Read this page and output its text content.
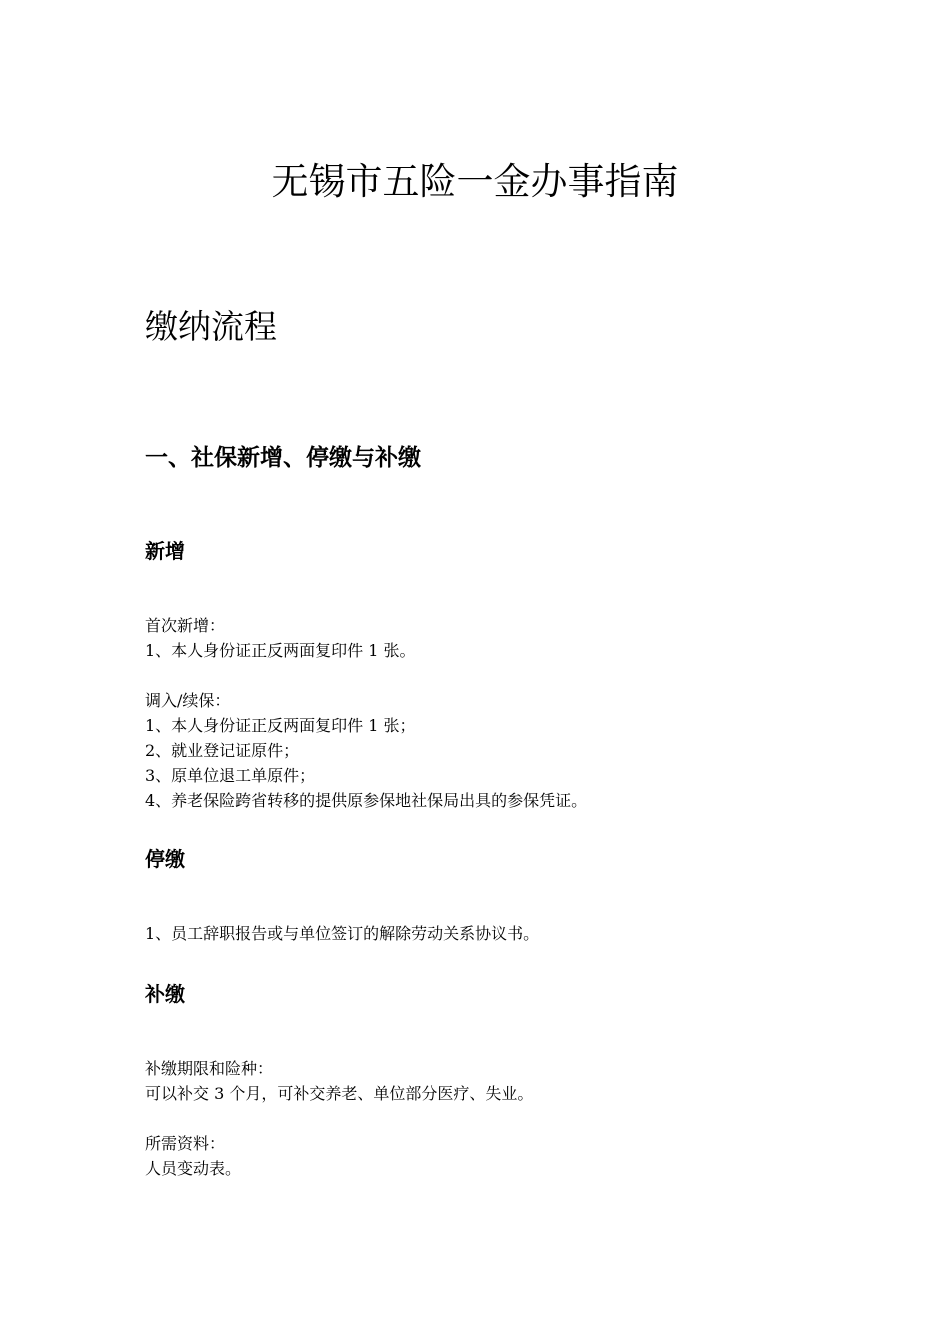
无锡市五险一金办事指南
缴纳流程
一、社保新增、停缴与补缴
新增
首次新增：
1、本人身份证正反两面复印件 1 张。
调入/续保：
1、本人身份证正反两面复印件 1 张；
2、就业登记证原件；
3、原单位退工单原件；
4、养老保险跨省转移的提供原参保地社保局出具的参保凭证。
停缴
1、员工辞职报告或与单位签订的解除劳动关系协议书。
补缴
补缴期限和险种：
可以补交 3 个月，可补交养老、单位部分医疗、失业。
所需资料：
人员变动表。
